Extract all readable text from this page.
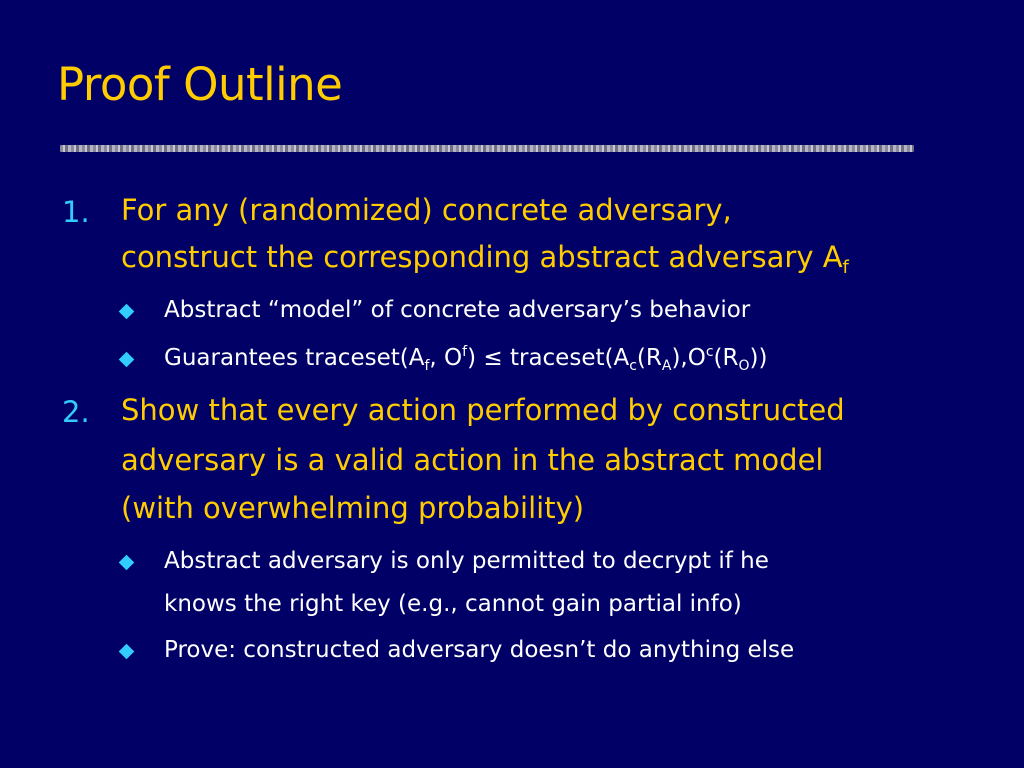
Proof Outline
1. For any (randomized) concrete adversary,
construct the corresponding abstract adversary $A_f$
Abstract “model” of concrete adversary’s behavior
Guarantees $traceset(A_f$, $O^f$) ≤ $traceset(A_c(R_A),O^c(R_O))$
2. Show that every action performed by constructed
adversary is a valid action in the abstract model
(with overwhelming probability)
Abstract adversary is only permitted to decrypt if he
knows the right key (e.g., cannot gain partial info)
Prove: constructed adversary doesn’t do anything else
